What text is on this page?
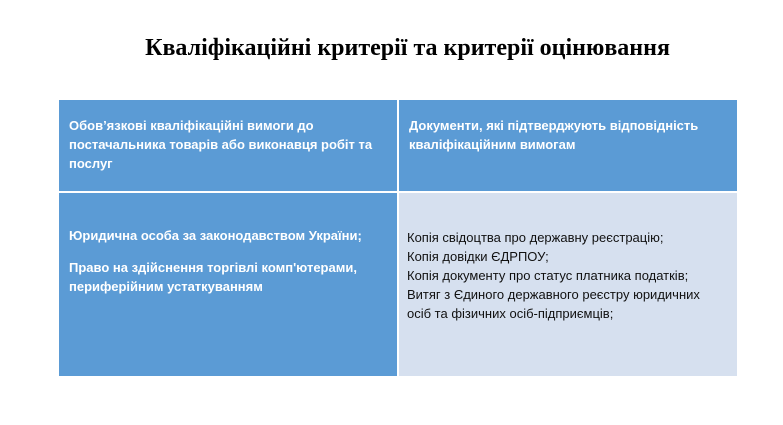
Кваліфікаційні критерії та критерії оцінювання
Обов’язкові кваліфікаційні вимоги до постачальника товарів або виконавця робіт та послуг
Документи, які підтверджують відповідність кваліфікаційним вимогам
Юридична особа за законодавством України;
Право на здійснення торгівлі комп'ютерами, периферійним устаткуванням
Копія свідоцтва про державну реєстрацію;
Копія довідки ЄДРПОУ;
Копія документу про статус платника податків;
Витяг з Єдиного державного реєстру юридичних осіб та фізичних осіб-підприємців;
